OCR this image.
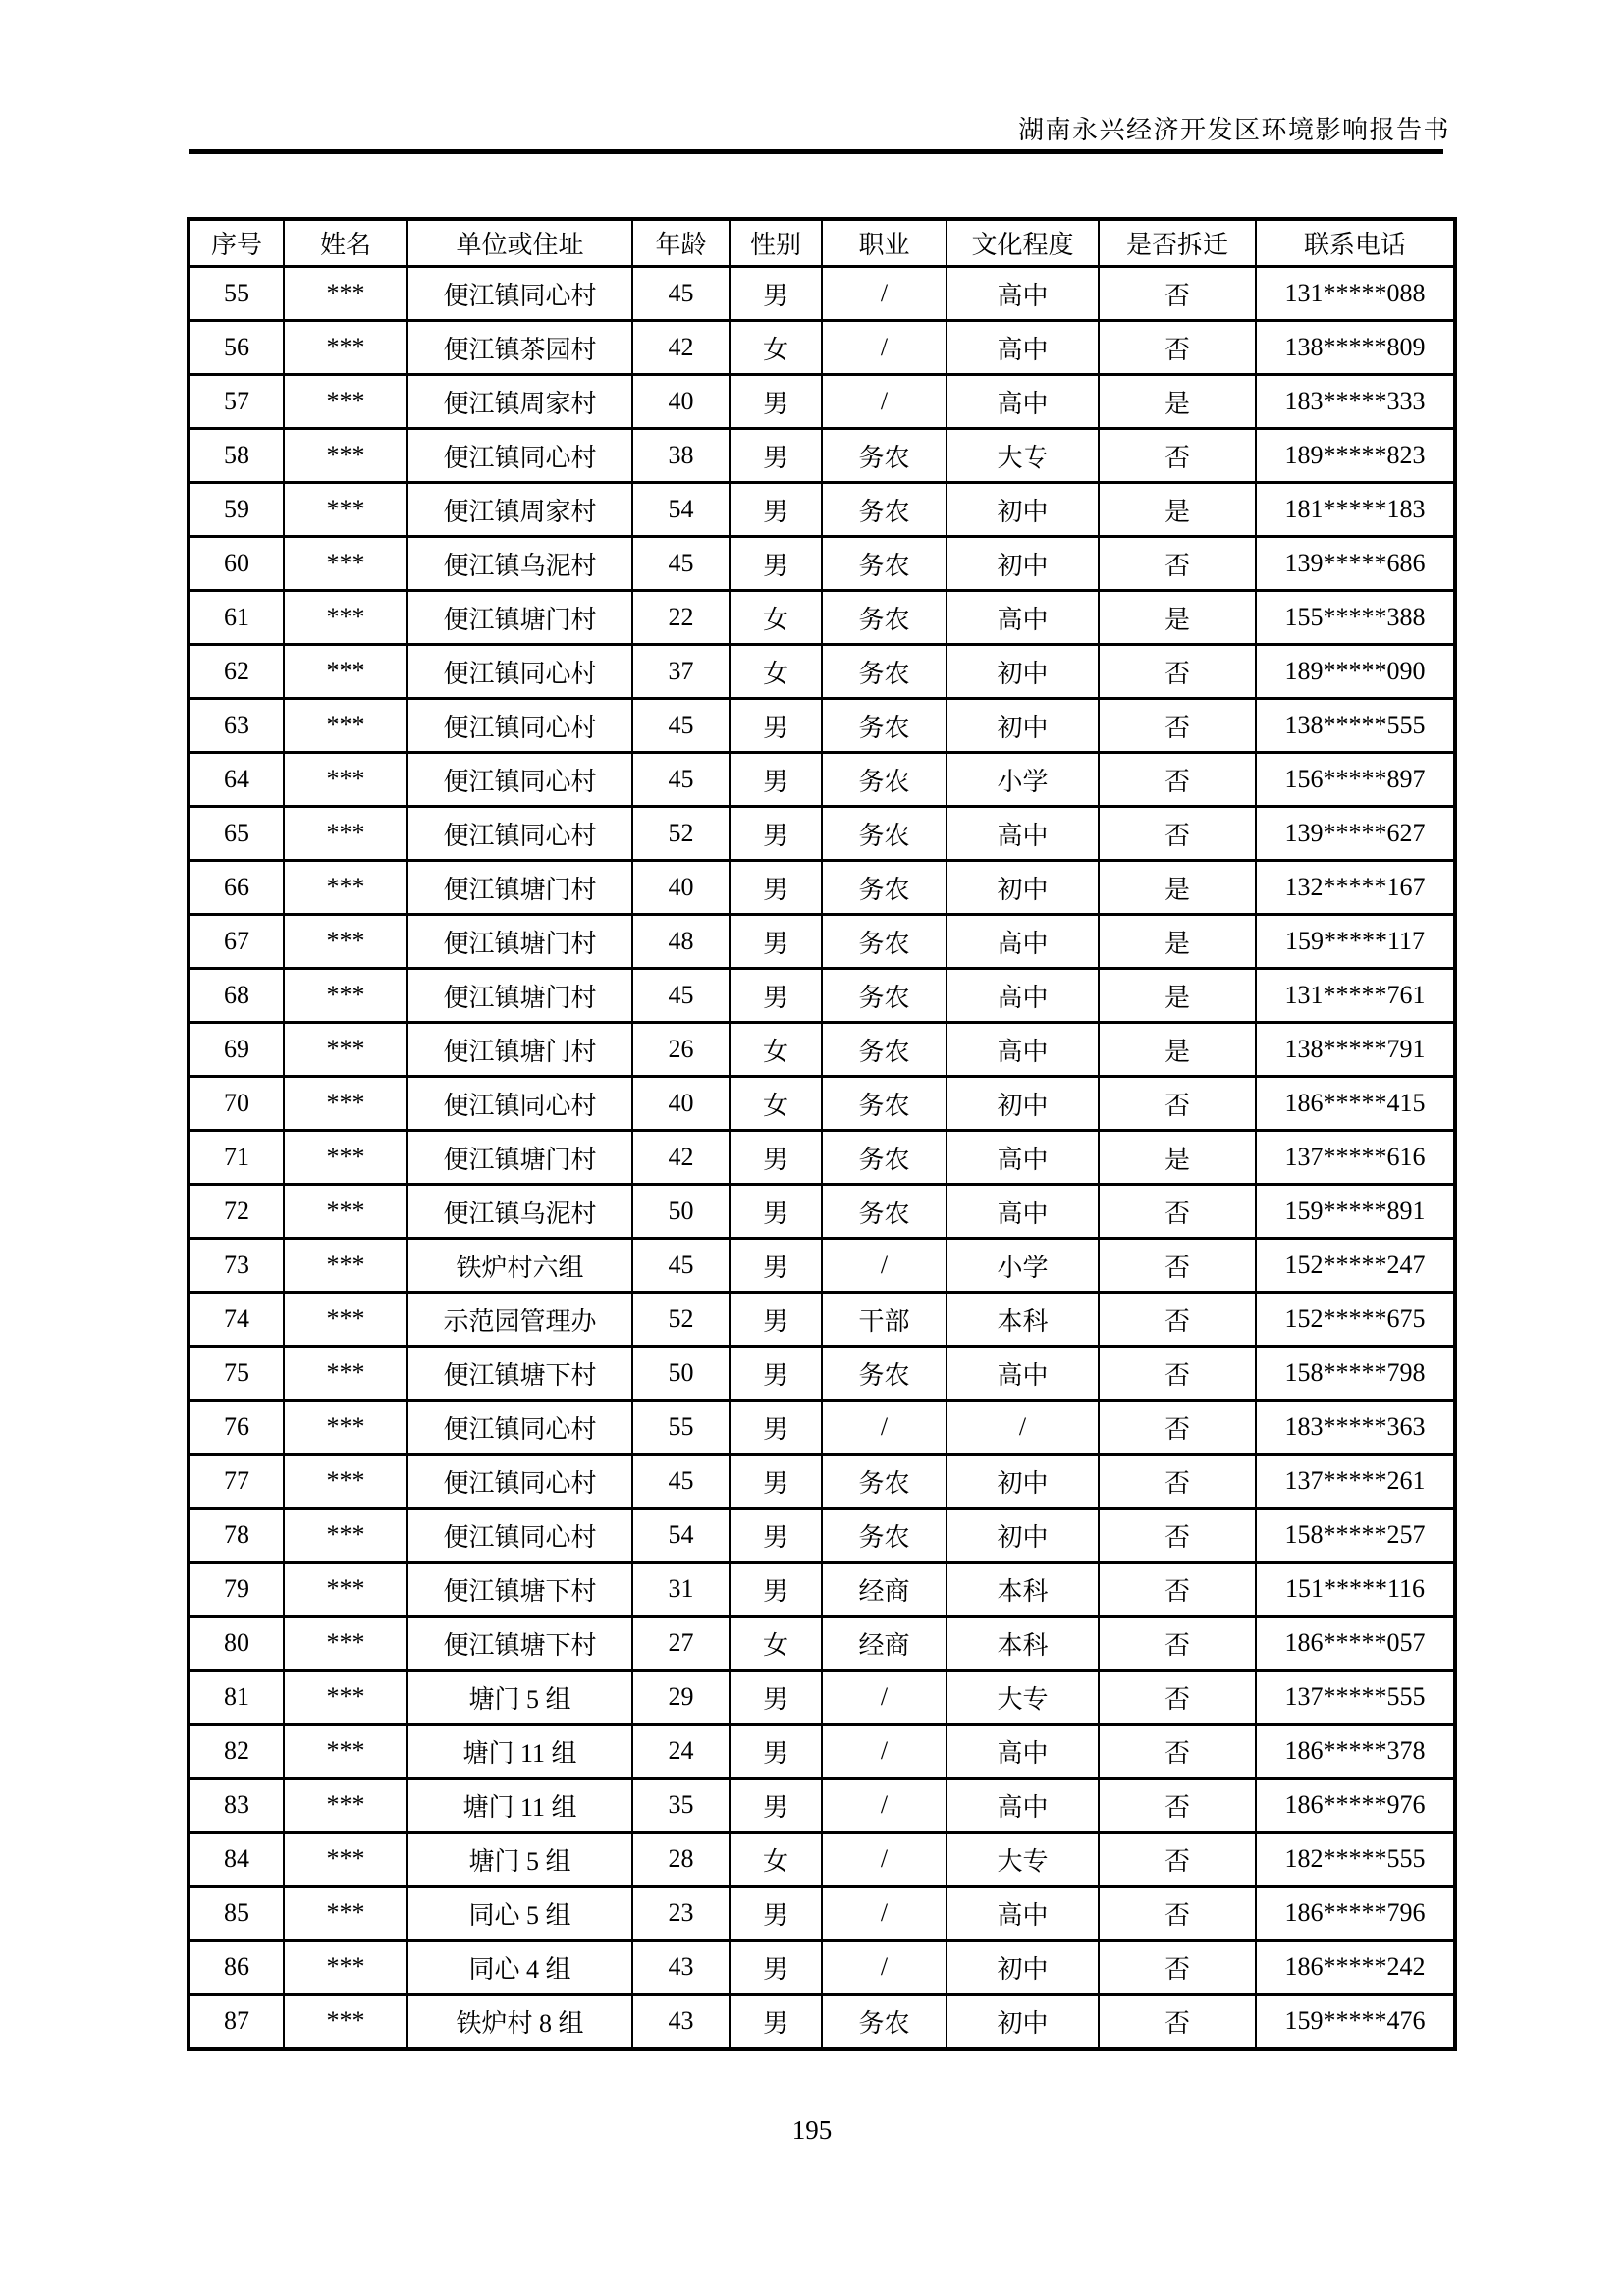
湖南永兴经济开发区环境影响报告书
序号	姓名	单位或住址	年龄	性别	职业	文化程度	是否拆迁	联系电话
55	***	便江镇同心村	45	男	/	高中	否	131*****088
56	***	便江镇茶园村	42	女	/	高中	否	138*****809
57	***	便江镇周家村	40	男	/	高中	是	183*****333
58	***	便江镇同心村	38	男	务农	大专	否	189*****823
59	***	便江镇周家村	54	男	务农	初中	是	181*****183
60	***	便江镇乌泥村	45	男	务农	初中	否	139*****686
61	***	便江镇塘门村	22	女	务农	高中	是	155*****388
62	***	便江镇同心村	37	女	务农	初中	否	189*****090
63	***	便江镇同心村	45	男	务农	初中	否	138*****555
64	***	便江镇同心村	45	男	务农	小学	否	156*****897
65	***	便江镇同心村	52	男	务农	高中	否	139*****627
66	***	便江镇塘门村	40	男	务农	初中	是	132*****167
67	***	便江镇塘门村	48	男	务农	高中	是	159*****117
68	***	便江镇塘门村	45	男	务农	高中	是	131*****761
69	***	便江镇塘门村	26	女	务农	高中	是	138*****791
70	***	便江镇同心村	40	女	务农	初中	否	186*****415
71	***	便江镇塘门村	42	男	务农	高中	是	137*****616
72	***	便江镇乌泥村	50	男	务农	高中	否	159*****891
73	***	铁炉村六组	45	男	/	小学	否	152*****247
74	***	示范园管理办	52	男	干部	本科	否	152*****675
75	***	便江镇塘下村	50	男	务农	高中	否	158*****798
76	***	便江镇同心村	55	男	/	/	否	183*****363
77	***	便江镇同心村	45	男	务农	初中	否	137*****261
78	***	便江镇同心村	54	男	务农	初中	否	158*****257
79	***	便江镇塘下村	31	男	经商	本科	否	151*****116
80	***	便江镇塘下村	27	女	经商	本科	否	186*****057
81	***	塘门 5 组	29	男	/	大专	否	137*****555
82	***	塘门 11 组	24	男	/	高中	否	186*****378
83	***	塘门 11 组	35	男	/	高中	否	186*****976
84	***	塘门 5 组	28	女	/	大专	否	182*****555
85	***	同心 5 组	23	男	/	高中	否	186*****796
86	***	同心 4 组	43	男	/	初中	否	186*****242
87	***	铁炉村 8 组	43	男	务农	初中	否	159*****476
195
